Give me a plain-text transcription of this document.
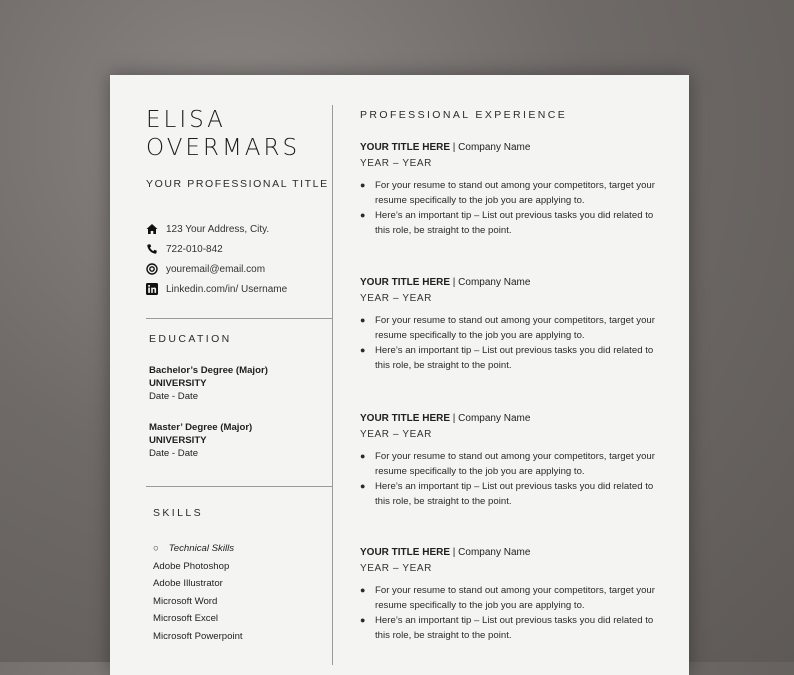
ELISA
OVERMARS
YOUR PROFESSIONAL TITLE
123 Your Address, City.
722-010-842
youremail@email.com
Linkedin.com/in/ Username
EDUCATION
Bachelor’s Degree (Major)
UNIVERSITY
Date - Date
Master’ Degree (Major)
UNIVERSITY
Date - Date
SKILLS
○ Technical Skills
Adobe Photoshop
Adobe Illustrator
Microsoft Word
Microsoft Excel
Microsoft Powerpoint
PROFESSIONAL EXPERIENCE
YOUR TITLE HERE | Company Name
YEAR – YEAR
● For your resume to stand out among your competitors, target your resume specifically to the job you are applying to.
● Here’s an important tip – List out previous tasks you did related to this role, be straight to the point.
YOUR TITLE HERE | Company Name
YEAR – YEAR
● For your resume to stand out among your competitors, target your resume specifically to the job you are applying to.
● Here’s an important tip – List out previous tasks you did related to this role, be straight to the point.
YOUR TITLE HERE | Company Name
YEAR – YEAR
● For your resume to stand out among your competitors, target your resume specifically to the job you are applying to.
● Here’s an important tip – List out previous tasks you did related to this role, be straight to the point.
YOUR TITLE HERE | Company Name
YEAR – YEAR
● For your resume to stand out among your competitors, target your resume specifically to the job you are applying to.
● Here’s an important tip – List out previous tasks you did related to this role, be straight to the point.
